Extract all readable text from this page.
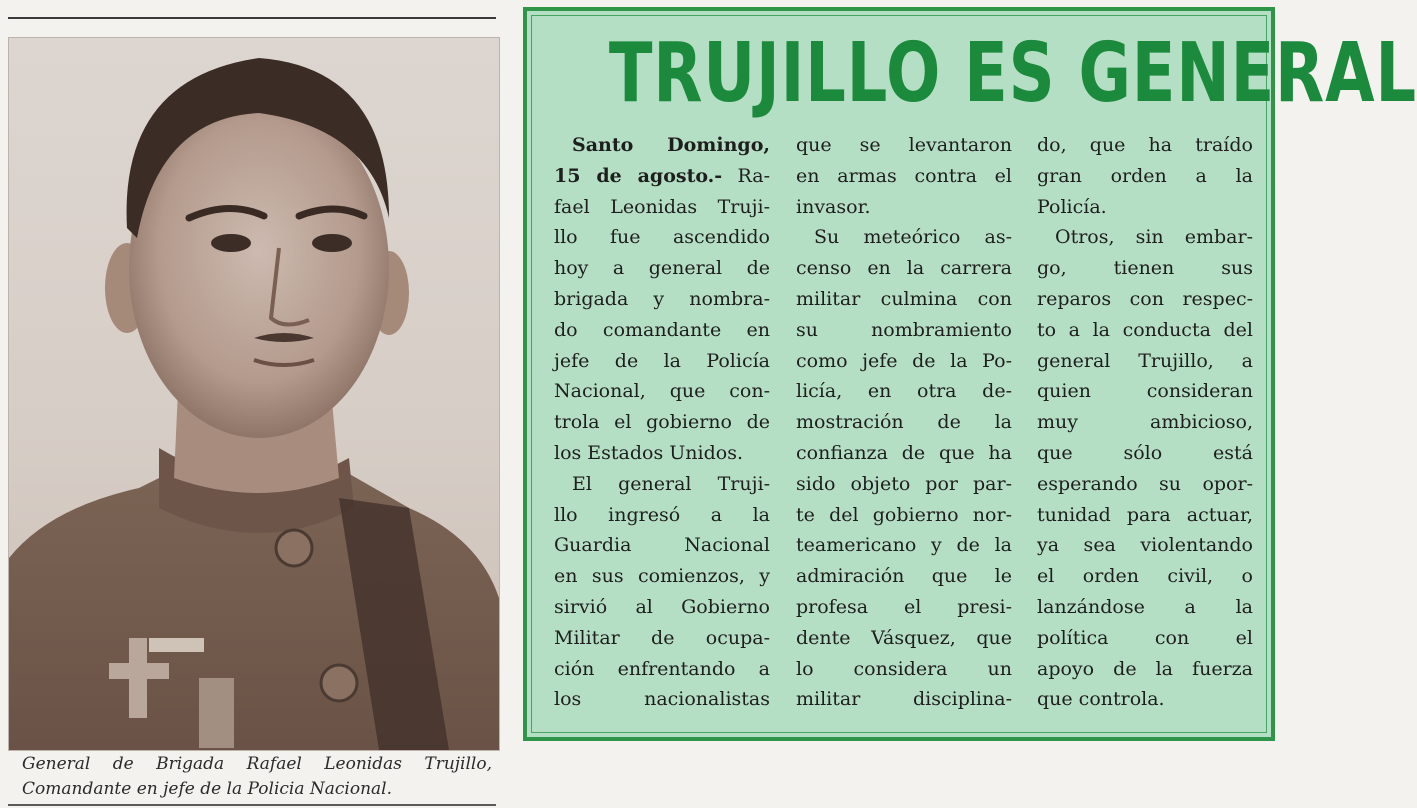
General de Brigada Rafael Leonidas Trujillo,
Comandante en jefe de la Policia Nacional.
TRUJILLO ES GENERAL
Santo Domingo,
15 de agosto.- Ra-
fael Leonidas Truji-
llo fue ascendido
hoy a general de
brigada y nombra-
do comandante en
jefe de la Policía
Nacional, que con-
trola el gobierno de
los Estados Unidos.
El general Truji-
llo ingresó a la
Guardia Nacional
en sus comienzos, y
sirvió al Gobierno
Militar de ocupa-
ción enfrentando a
los nacionalistas
que se levantaron
en armas contra el
invasor.
Su meteórico as-
censo en la carrera
militar culmina con
su nombramiento
como jefe de la Po-
licía, en otra de-
mostración de la
confianza de que ha
sido objeto por par-
te del gobierno nor-
teamericano y de la
admiración que le
profesa el presi-
dente Vásquez, que
lo considera un
militar disciplina-
do, que ha traído
gran orden a la
Policía.
Otros, sin embar-
go, tienen sus
reparos con respec-
to a la conducta del
general Trujillo, a
quien consideran
muy ambicioso,
que sólo está
esperando su opor-
tunidad para actuar,
ya sea violentando
el orden civil, o
lanzándose a la
política con el
apoyo de la fuerza
que controla.
